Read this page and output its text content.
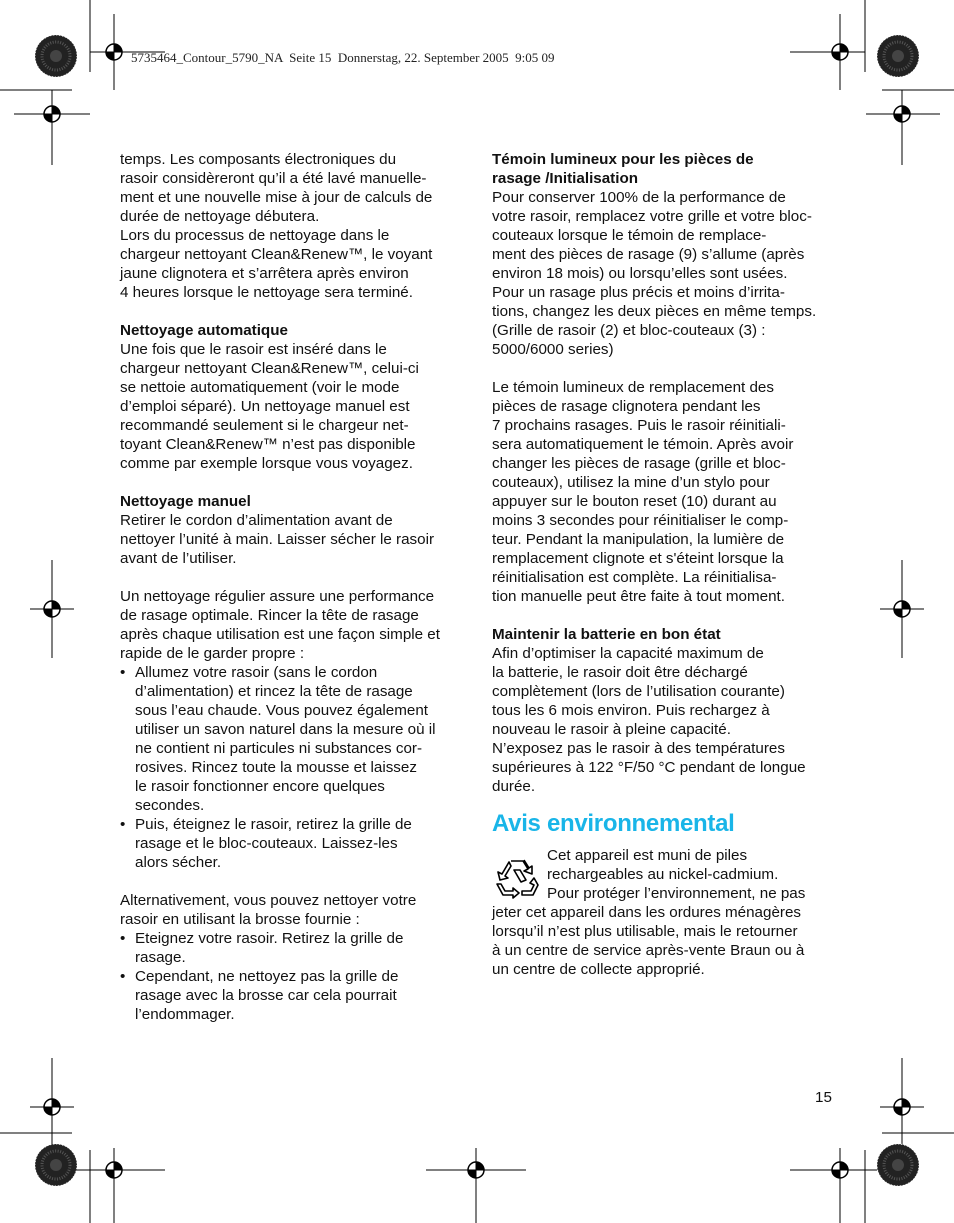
5735464_Contour_5790_NA  Seite 15  Donnerstag, 22. September 2005  9:05 09

temps. Les composants électroniques du

rasoir considèreront qu’il a été lavé manuelle-

ment et une nouvelle mise à jour de calculs de

durée de nettoyage débutera.

Lors du processus de nettoyage dans le

chargeur nettoyant Clean&Renew™, le voyant

jaune clignotera et s’arrêtera après environ

4 heures lorsque le nettoyage sera terminé.

Nettoyage automatique

Une fois que le rasoir est inséré dans le

chargeur nettoyant Clean&Renew™, celui-ci

se nettoie automatiquement (voir le mode

d’emploi séparé). Un nettoyage manuel est

recommandé seulement si le chargeur net-

toyant Clean&Renew™ n’est pas disponible

comme par exemple lorsque vous voyagez.

Nettoyage manuel

Retirer le cordon d’alimentation avant de

nettoyer l’unité à main. Laisser sécher le rasoir

avant de l’utiliser.

Un nettoyage régulier assure une performance

de rasage optimale. Rincer la tête de rasage

après chaque utilisation est une façon simple et

rapide de le garder propre :

• Allumez votre rasoir (sans le cordon
d’alimentation) et rincez la tête de rasage
sous l’eau chaude. Vous pouvez également
utiliser un savon naturel dans la mesure où il
ne contient ni particules ni substances cor-
rosives. Rincez toute la mousse et laissez
le rasoir fonctionner encore quelques
secondes.
• Puis, éteignez le rasoir, retirez la grille de
rasage et le bloc-couteaux. Laissez-les
alors sécher.

Alternativement, vous pouvez nettoyer votre

rasoir en utilisant la brosse fournie :

• Eteignez votre rasoir. Retirez la grille de
rasage.
• Cependant, ne nettoyez pas la grille de
rasage avec la brosse car cela pourrait
l’endommager.

Témoin lumineux pour les pièces de
rasage /Initialisation

Pour conserver 100% de la performance de

votre rasoir, remplacez votre grille et votre bloc-

couteaux lorsque le témoin de remplace-

ment des pièces de rasage (9) s’allume (après

environ 18 mois) ou lorsqu’elles sont usées.

Pour un rasage plus précis et moins d’irrita-

tions, changez les deux pièces en même temps.

(Grille de rasoir (2) et bloc-couteaux (3) :

5000/6000 series)

Le témoin lumineux de remplacement des

pièces de rasage clignotera pendant les

7 prochains rasages. Puis le rasoir réinitiali-

sera automatiquement le témoin. Après avoir

changer les pièces de rasage (grille et bloc-

couteaux), utilisez la mine d’un stylo pour

appuyer sur le bouton reset (10) durant au

moins 3 secondes pour réinitialiser le comp-

teur. Pendant la manipulation, la lumière de

remplacement clignote et s'éteint lorsque la

réinitialisation est complète. La réinitialisa-

tion manuelle peut être faite à tout moment.

Maintenir la batterie en bon état

Afin d’optimiser la capacité maximum de

la batterie, le rasoir doit être déchargé

complètement (lors de l’utilisation courante)

tous les 6 mois environ. Puis rechargez à

nouveau le rasoir à pleine capacité.

N’exposez pas le rasoir à des températures

supérieures à 122 °F/50 °C pendant de longue

durée.

Avis environnemental

Cet appareil est muni de piles

rechargeables au nickel-cadmium.

Pour protéger l’environnement, ne pas

jeter cet appareil dans les ordures ménagères

lorsqu’il n’est plus utilisable, mais le retourner

à un centre de service après-vente Braun ou à

un centre de collecte approprié.

15
